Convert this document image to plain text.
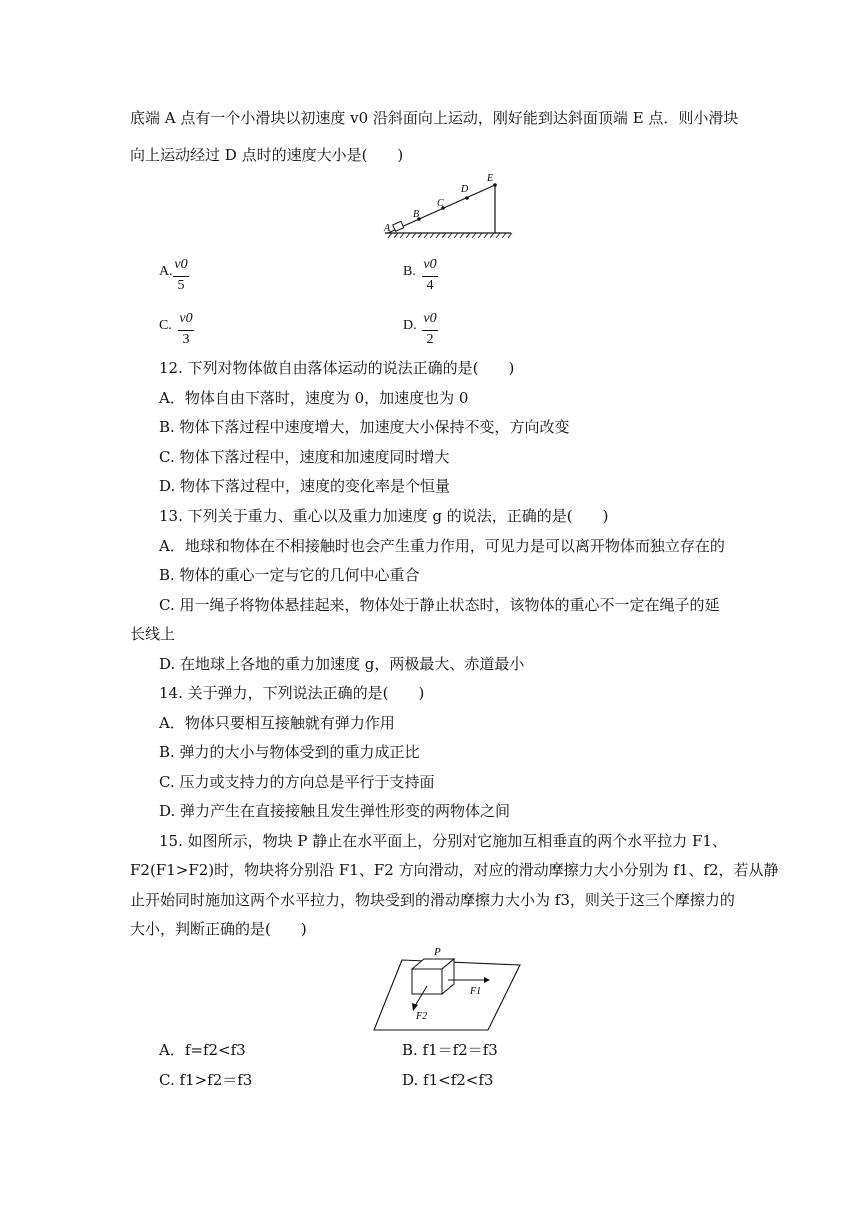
底端 A 点有一个小滑块以初速度 v0 沿斜面向上运动，刚好能到达斜面顶端 E 点．则小滑块
向上运动经过 D 点时的速度大小是(　　)
A
B
C
D
E
A. v0
5
B. v0
4
C. v0
3
D. v0
2
12. 下列对物体做自由落体运动的说法正确的是(　　)
A．物体自由下落时，速度为 0，加速度也为 0
B. 物体下落过程中速度增大，加速度大小保持不变，方向改变
C. 物体下落过程中，速度和加速度同时增大
D. 物体下落过程中，速度的变化率是个恒量
13. 下列关于重力、重心以及重力加速度 g 的说法，正确的是(　　)
A．地球和物体在不相接触时也会产生重力作用，可见力是可以离开物体而独立存在的
B. 物体的重心一定与它的几何中心重合
C. 用一绳子将物体悬挂起来，物体处于静止状态时，该物体的重心不一定在绳子的延
长线上
D. 在地球上各地的重力加速度 g，两极最大、赤道最小
14. 关于弹力，下列说法正确的是(　　)
A．物体只要相互接触就有弹力作用
B. 弹力的大小与物体受到的重力成正比
C. 压力或支持力的方向总是平行于支持面
D. 弹力产生在直接接触且发生弹性形变的两物体之间
15. 如图所示，物块 P 静止在水平面上，分别对它施加互相垂直的两个水平拉力 F1、
F2(F1>F2)时，物块将分别沿 F1、F2 方向滑动，对应的滑动摩擦力大小分别为 f1、f2，若从静
止开始同时施加这两个水平拉力，物块受到的滑动摩擦力大小为 f3，则关于这三个摩擦力的
大小，判断正确的是(　　)
P
F1
F2
A．f=f2<f3	B. f1＝f2＝f3
C. f1>f2＝f3	D. f1<f2<f3
